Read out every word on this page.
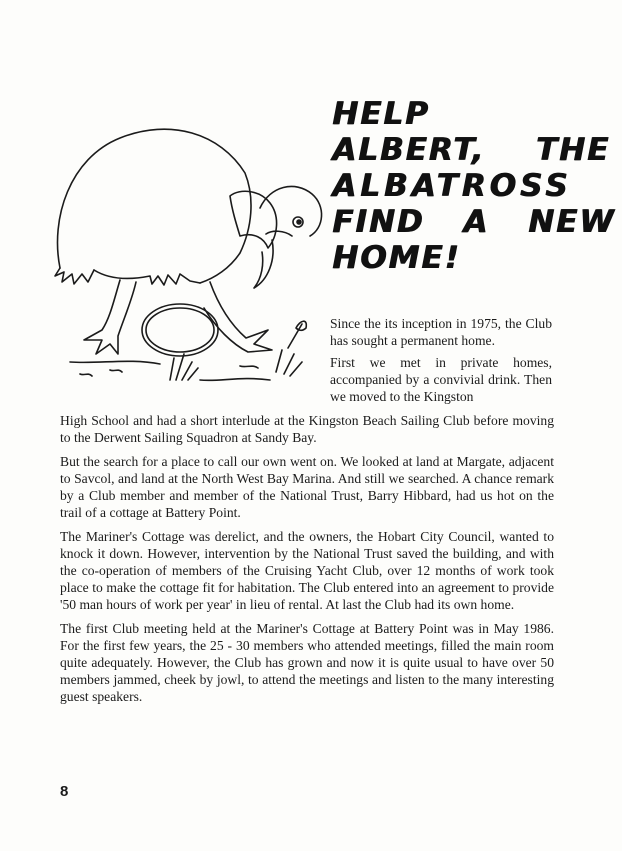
HELP
ALBERT, THE
ALBATROSS
FIND A NEW
HOME!

Since the its inception in 1975, the Club has sought a permanent home.

First we met in private homes, accompanied by a convivial drink. Then we moved to the Kingston

High School and had a short interlude at the Kingston Beach Sailing Club before moving to the Derwent Sailing Squadron at Sandy Bay.

But the search for a place to call our own went on. We looked at land at Margate, adjacent to Savcol, and land at the North West Bay Marina. And still we searched. A chance remark by a Club member and member of the National Trust, Barry Hibbard, had us hot on the trail of a cottage at Battery Point.

The Mariner's Cottage was derelict, and the owners, the Hobart City Council, wanted to knock it down. However, intervention by the National Trust saved the building, and with the co-operation of members of the Cruising Yacht Club, over 12 months of work took place to make the cottage fit for habitation. The Club entered into an agreement to provide '50 man hours of work per year' in lieu of rental. At last the Club had its own home.

The first Club meeting held at the Mariner's Cottage at Battery Point was in May 1986. For the first few years, the 25 - 30 members who attended meetings, filled the main room quite adequately. However, the Club has grown and now it is quite usual to have over 50 members jammed, cheek by jowl, to attend the meetings and listen to the many interesting guest speakers.

8
